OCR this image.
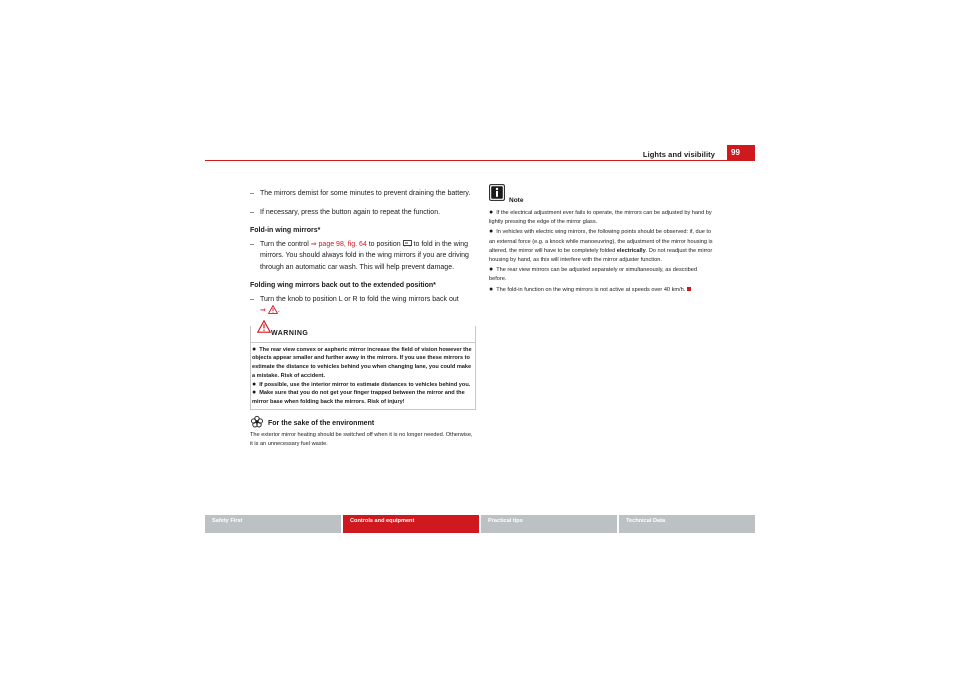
Lights and visibility	99
– The mirrors demist for some minutes to prevent draining the battery.
– If necessary, press the button again to repeat the function.
Fold-in wing mirrors*
– Turn the control ⇒ page 98, fig. 64 to position  to fold in the wing mirrors. You should always fold in the wing mirrors if you are driving through an automatic car wash. This will help prevent damage.
Folding wing mirrors back out to the extended position*
– Turn the knob to position L or R to fold the wing mirrors back out
⇒ .
WARNING
● The rear view convex or aspheric mirror increase the field of vision however the objects appear smaller and further away in the mirrors. If you use these mirrors to estimate the distance to vehicles behind you when changing lane, you could make a mistake. Risk of accident.
● If possible, use the interior mirror to estimate distances to vehicles behind you.
● Make sure that you do not get your finger trapped between the mirror and the mirror base when folding back the mirrors. Risk of injury!
For the sake of the environment
The exterior mirror heating should be switched off when it is no longer needed. Otherwise, it is an unnecessary fuel waste.
Note
● If the electrical adjustment ever fails to operate, the mirrors can be adjusted by hand by lightly pressing the edge of the mirror glass.
● In vehicles with electric wing mirrors, the following points should be observed: if, due to an external force (e.g. a knock while manoeuvring), the adjustment of the mirror housing is altered, the mirror will have to be completely folded electrically. Do not readjust the mirror housing by hand, as this will interfere with the mirror adjuster function.
● The rear view mirrors can be adjusted separately or simultaneously, as described before.
● The fold-in function on the wing mirrors is not active at speeds over 40 km/h.
Safety First	Controls and equipment	Practical tips	Technical Data
